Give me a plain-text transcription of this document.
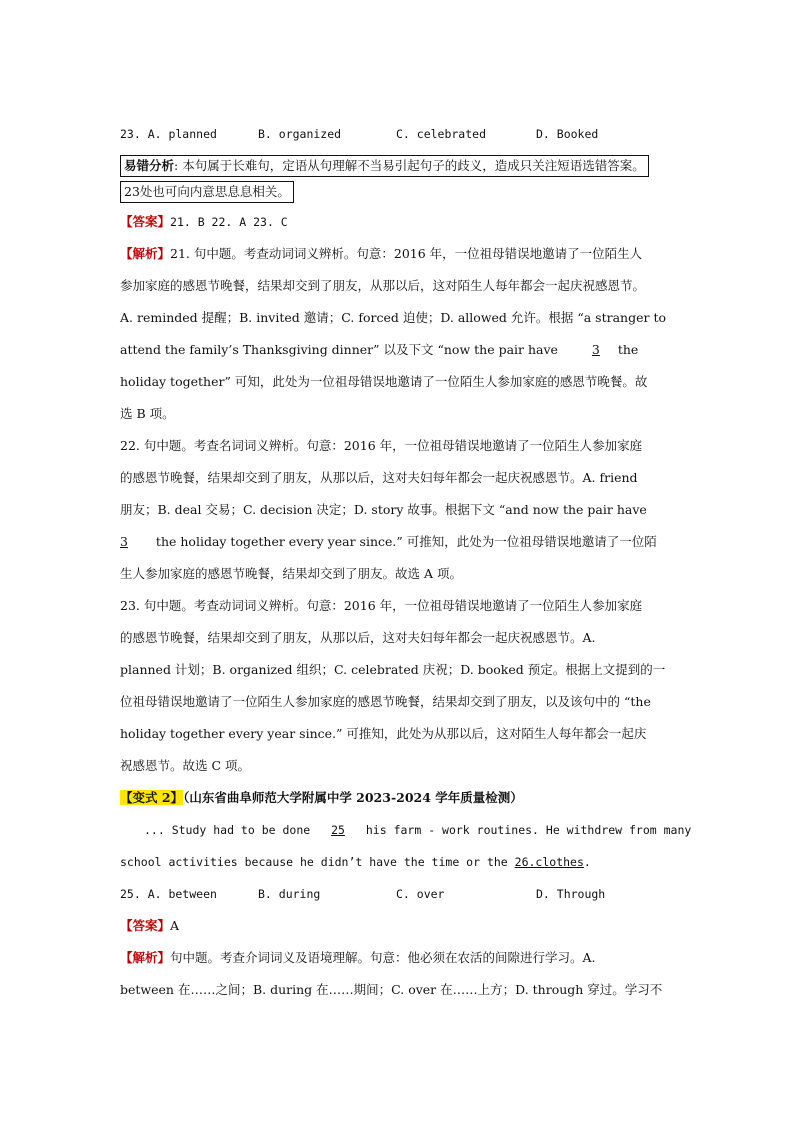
23. A. planned	B. organized	C. celebrated	D. Booked
易错分析: 本句属于长难句，定语从句理解不当易引起句子的歧义，造成只关注短语选错答案。
23处也可向内意思息息相关。
【答案】21. B 22. A 23. C
【解析】21. 句中题。考查动词词义辨析。句意：2016 年，一位祖母错误地邀请了一位陌生人
参加家庭的感恩节晚餐，结果却交到了朋友，从那以后，这对陌生人每年都会一起庆祝感恩节。
A. reminded 提醒；B. invited 邀请；C. forced 迫使；D. allowed 允许。根据 “a stranger to
attend the family’s Thanksgiving dinner” 以及下文 “now the pair have 3 the
holiday together” 可知，此处为一位祖母错误地邀请了一位陌生人参加家庭的感恩节晚餐。故
选 B 项。
22. 句中题。考查名词词义辨析。句意：2016 年，一位祖母错误地邀请了一位陌生人参加家庭
的感恩节晚餐，结果却交到了朋友，从那以后，这对夫妇每年都会一起庆祝感恩节。A. friend
朋友；B. deal 交易；C. decision 决定；D. story 故事。根据下文 “and now the pair have
3 the holiday together every year since.” 可推知，此处为一位祖母错误地邀请了一位陌
生人参加家庭的感恩节晚餐，结果却交到了朋友。故选 A 项。
23. 句中题。考查动词词义辨析。句意：2016 年，一位祖母错误地邀请了一位陌生人参加家庭
的感恩节晚餐，结果却交到了朋友，从那以后，这对夫妇每年都会一起庆祝感恩节。A.
planned 计划；B. organized 组织；C. celebrated 庆祝；D. booked 预定。根据上文提到的一
位祖母错误地邀请了一位陌生人参加家庭的感恩节晚餐，结果却交到了朋友，以及该句中的 “the
holiday together every year since.” 可推知，此处为从那以后，这对陌生人每年都会一起庆
祝感恩节。故选 C 项。
【变式 2】（山东省曲阜师范大学附属中学 2023-2024 学年质量检测）
... Study had to be done 25 his farm - work routines. He withdrew from many
school activities because he didn’t have the time or the 26.clothes.
25. A. between	B. during	C. over	D. Through
【答案】A
【解析】句中题。考查介词词义及语境理解。句意：他必须在农活的间隙进行学习。A.
between 在……之间；B. during 在……期间；C. over 在……上方；D. through 穿过。学习不
